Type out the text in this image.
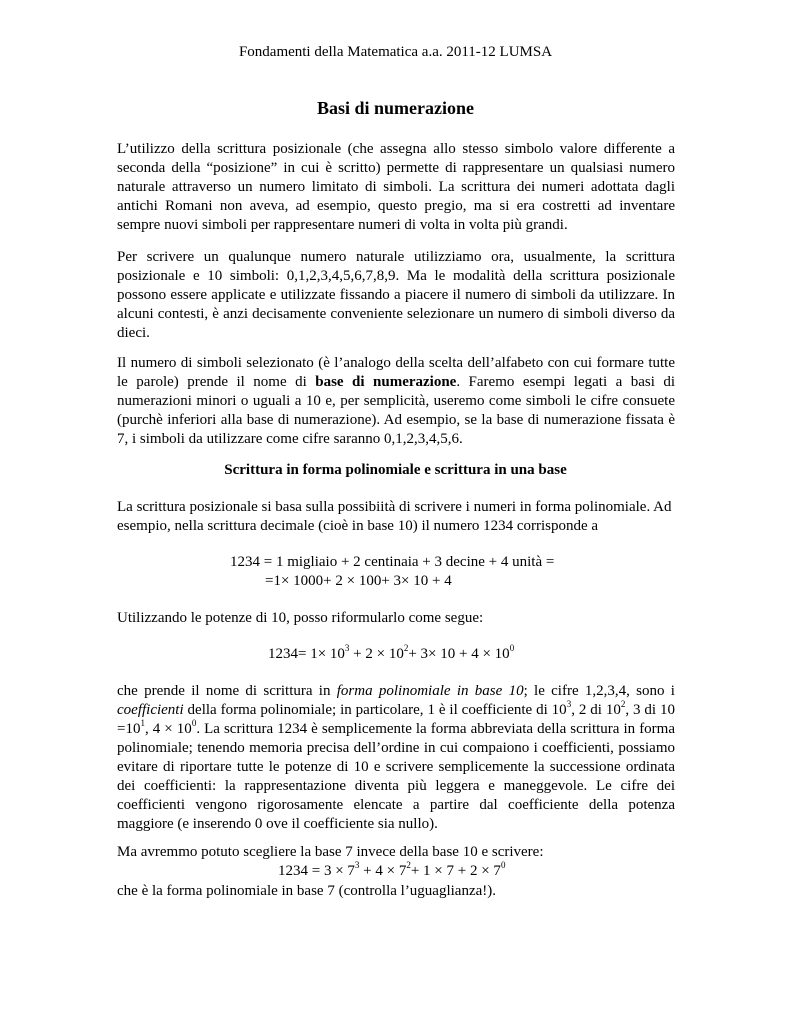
Fondamenti della Matematica a.a. 2011-12 LUMSA
Basi di numerazione

L’utilizzo della scrittura posizionale (che assegna allo stesso simbolo valore differente a seconda della “posizione” in cui è scritto) permette di rappresentare un qualsiasi numero naturale attraverso un numero limitato di simboli. La scrittura dei numeri adottata dagli antichi Romani non aveva, ad esempio, questo pregio, ma si era costretti ad inventare sempre nuovi simboli per rappresentare numeri di volta in volta più grandi.

Per scrivere un qualunque numero naturale utilizziamo ora, usualmente, la scrittura posizionale e 10 simboli: 0,1,2,3,4,5,6,7,8,9. Ma le modalità della scrittura posizionale possono essere applicate e utilizzate fissando a piacere il numero di simboli da utilizzare. In alcuni contesti, è anzi decisamente conveniente selezionare un numero di simboli diverso da dieci.

Il numero di simboli selezionato (è l’analogo della scelta dell’alfabeto con cui formare tutte le parole) prende il nome di base di numerazione. Faremo esempi legati a basi di numerazioni minori o uguali a 10 e, per semplicità, useremo come simboli le cifre consuete (purchè inferiori alla base di numerazione). Ad esempio, se la base di numerazione fissata è 7, i simboli da utilizzare come cifre saranno 0,1,2,3,4,5,6.

Scrittura in forma polinomiale e scrittura in una base

La scrittura posizionale si basa sulla possibiità di scrivere i numeri in forma polinomiale. Ad esempio, nella scrittura decimale (cioè in base 10) il numero 1234 corrisponde a

1234 = 1 migliaio + 2 centinaia + 3 decine + 4 unità =
=1× 1000+ 2 × 100+ 3× 10 + 4

Utilizzando le potenze di 10, posso riformularlo come segue:

$1234= 1\times 10^3 + 2 \times 10^2+ 3\times 10 + 4 \times 10^0$

che prende il nome di scrittura in forma polinomiale in base 10; le cifre 1,2,3,4, sono i coefficienti della forma polinomiale; in particolare, 1 è il coefficiente di $10^3$, 2 di $10^2$, 3 di $10 =10^1$, $4 \times 10^0$. La scrittura 1234 è semplicemente la forma abbreviata della scrittura in forma polinomiale; tenendo memoria precisa dell’ordine in cui compaiono i coefficienti, possiamo evitare di riportare tutte le potenze di 10 e scrivere semplicemente la successione ordinata dei coefficienti: la rappresentazione diventa più leggera e maneggevole. Le cifre dei coefficienti vengono rigorosamente elencate a partire dal coefficiente della potenza maggiore (e inserendo 0 ove il coefficiente sia nullo).

Ma avremmo potuto scegliere la base 7 invece della base 10 e scrivere:

$1234 = 3 \times 7^3 + 4 \times 7^2+ 1 \times 7 + 2 \times 7^0$

che è la forma polinomiale in base 7 (controlla l’uguaglianza!).
